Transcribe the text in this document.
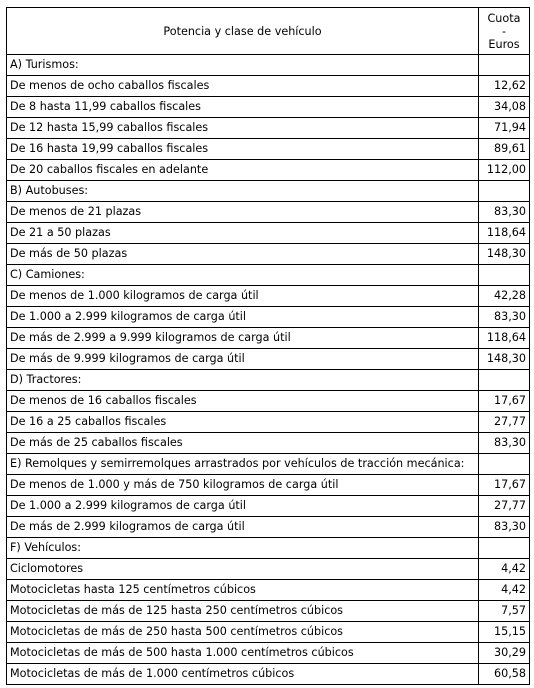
Potencia y clase de vehículo	Cuota
-
Euros

A) Turismos:	
De menos de ocho caballos fiscales	12,62
De 8 hasta 11,99 caballos fiscales	34,08
De 12 hasta 15,99 caballos fiscales	71,94
De 16 hasta 19,99 caballos fiscales	89,61
De 20 caballos fiscales en adelante	112,00
B) Autobuses:	
De menos de 21 plazas	83,30
De 21 a 50 plazas	118,64
De más de 50 plazas	148,30
C) Camiones:	
De menos de 1.000 kilogramos de carga útil	42,28
De 1.000 a 2.999 kilogramos de carga útil	83,30
De más de 2.999 a 9.999 kilogramos de carga útil	118,64
De más de 9.999 kilogramos de carga útil	148,30
D) Tractores:	
De menos de 16 caballos fiscales	17,67
De 16 a 25 caballos fiscales	27,77
De más de 25 caballos fiscales	83,30
E) Remolques y semirremolques arrastrados por vehículos de tracción mecánica:	
De menos de 1.000 y más de 750 kilogramos de carga útil	17,67
De 1.000 a 2.999 kilogramos de carga útil	27,77
De más de 2.999 kilogramos de carga útil	83,30
F) Vehículos:	
Ciclomotores	4,42
Motocicletas hasta 125 centímetros cúbicos	4,42
Motocicletas de más de 125 hasta 250 centímetros cúbicos	7,57
Motocicletas de más de 250 hasta 500 centímetros cúbicos	15,15
Motocicletas de más de 500 hasta 1.000 centímetros cúbicos	30,29
Motocicletas de más de 1.000 centímetros cúbicos	60,58
